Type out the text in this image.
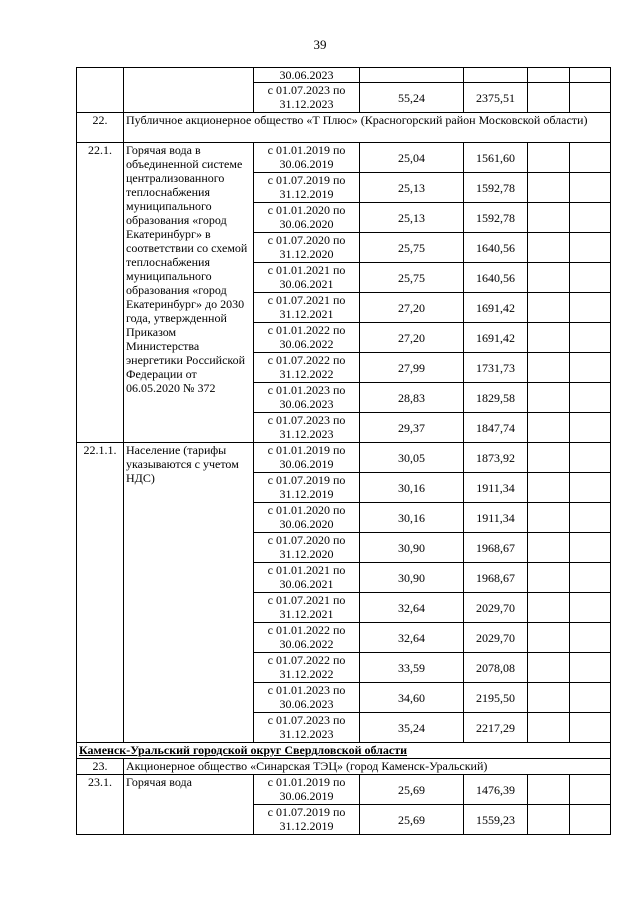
39
		30.06.2023				

		с 01.07.2023 по
31.12.2023	55,24	2375,51		
22.	Публичное акционерное общество «Т Плюс» (Красногорский район Московской области)					
22.1.	Горячая вода в объединенной системе централизованного теплоснабжения муниципального образования «город Екатеринбург» в соответствии со схемой теплоснабжения муниципального образования «город Екатеринбург» до 2030 года, утвержденной Приказом Министерства энергетики Российской Федерации от 06.05.2020 № 372	с 01.01.2019 по
30.06.2019	25,04	1561,60		

		с 01.07.2019 по
31.12.2019	25,13	1592,78		

		с 01.01.2020 по
30.06.2020	25,13	1592,78		

		с 01.07.2020 по
31.12.2020	25,75	1640,56		

		с 01.01.2021 по
30.06.2021	25,75	1640,56		

		с 01.07.2021 по
31.12.2021	27,20	1691,42		

		с 01.01.2022 по
30.06.2022	27,20	1691,42		

		с 01.07.2022 по
31.12.2022	27,99	1731,73		

		с 01.01.2023 по
30.06.2023	28,83	1829,58		

		с 01.07.2023 по
31.12.2023	29,37	1847,74		
22.1.1.	Население (тарифы указываются с учетом НДС)	с 01.01.2019 по
30.06.2019	30,05	1873,92		

		с 01.07.2019 по
31.12.2019	30,16	1911,34		

		с 01.01.2020 по
30.06.2020	30,16	1911,34		

		с 01.07.2020 по
31.12.2020	30,90	1968,67		

		с 01.01.2021 по
30.06.2021	30,90	1968,67		

		с 01.07.2021 по
31.12.2021	32,64	2029,70		

		с 01.01.2022 по
30.06.2022	32,64	2029,70		

		с 01.07.2022 по
31.12.2022	33,59	2078,08		

		с 01.01.2023 по
30.06.2023	34,60	2195,50		

		с 01.07.2023 по
31.12.2023	35,24	2217,29		
Каменск-Уральский городской округ Свердловской области						
23.	Акционерное общество «Синарская ТЭЦ» (город Каменск-Уральский)					
23.1.	Горячая вода	с 01.01.2019 по
30.06.2019	25,69	1476,39		

		с 01.07.2019 по
31.12.2019	25,69	1559,23		
